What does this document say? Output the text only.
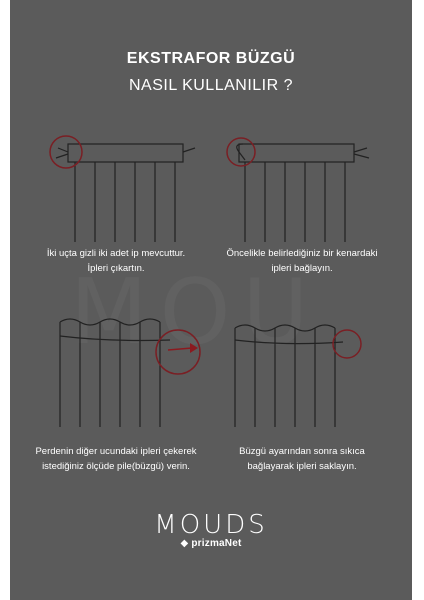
EKSTRAFOR BÜZGÜ
NASIL KULLANILIR ?
İki uçta gizli iki adet ip mevcuttur.
İpleri çıkartın.
Öncelikle belirlediğiniz bir kenardaki
ipleri bağlayın.
Perdenin diğer ucundaki ipleri çekerek
istediğiniz ölçüde pile(büzgü) verin.
Büzgü ayarından sonra sıkıca
bağlayarak ipleri saklayın.
MOUDS
◆ prizmaNet
